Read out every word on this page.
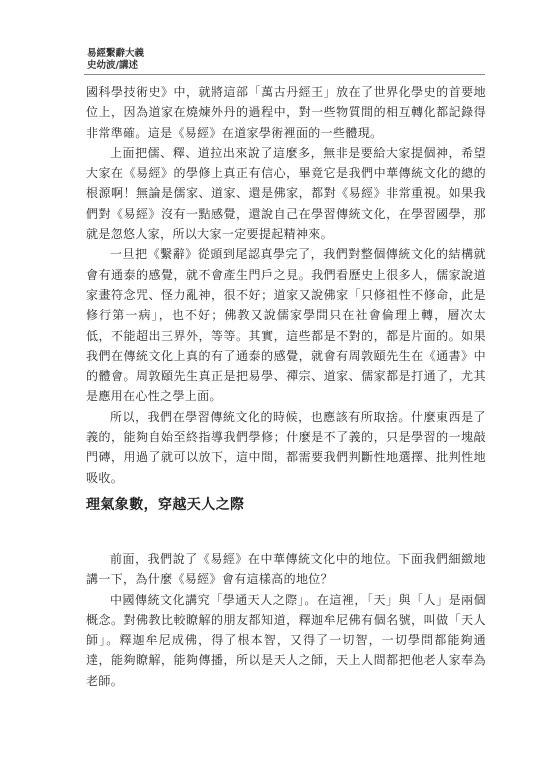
易經繫辭大義
史幼波/講述

國科學技術史》中，就將這部「萬古丹經王」放在了世界化學史的首要地位上，因為道家在燒煉外丹的過程中，對一些物質間的相互轉化都記錄得非常準確。這是《易經》在道家學術裡面的一些體現。

上面把儒、釋、道拉出來說了這麼多，無非是要給大家提個神，希望大家在《易經》的學修上真正有信心，畢竟它是我們中華傳統文化的總的根源啊！無論是儒家、道家、還是佛家，都對《易經》非常重視。如果我們對《易經》沒有一點感覺，還說自己在學習傳統文化，在學習國學，那就是忽悠人家，所以大家一定要提起精神來。

一旦把《繫辭》從頭到尾認真學完了，我們對整個傳統文化的結構就會有通泰的感覺，就不會產生門戶之見。我們看歷史上很多人，儒家說道家畫符念咒、怪力亂神，很不好；道家又說佛家「只修祖性不修命，此是修行第一病」，也不好；佛教又說儒家學問只在社會倫理上轉，層次太低，不能超出三界外，等等。其實，這些都是不對的，都是片面的。如果我們在傳統文化上真的有了通泰的感覺，就會有周敦頤先生在《通書》中的體會。周敦頤先生真正是把易學、禪宗、道家、儒家都是打通了，尤其是應用在心性之學上面。

所以，我們在學習傳統文化的時候，也應該有所取捨。什麼東西是了義的，能夠自始至終指導我們學修；什麼是不了義的，只是學習的一塊敲門磚，用過了就可以放下，這中間，都需要我們判斷性地選擇、批判性地吸收。

理氣象數，穿越天人之際

前面，我們說了《易經》在中華傳統文化中的地位。下面我們細緻地講一下，為什麼《易經》會有這樣高的地位？

中國傳統文化講究「學通天人之際」。在這裡，「天」與「人」是兩個概念。對佛教比較瞭解的朋友都知道，釋迦牟尼佛有個名號，叫做「天人師」。釋迦牟尼成佛，得了根本智，又得了一切智，一切學問都能夠通達，能夠瞭解，能夠傳播，所以是天人之師，天上人間都把他老人家奉為老師。
